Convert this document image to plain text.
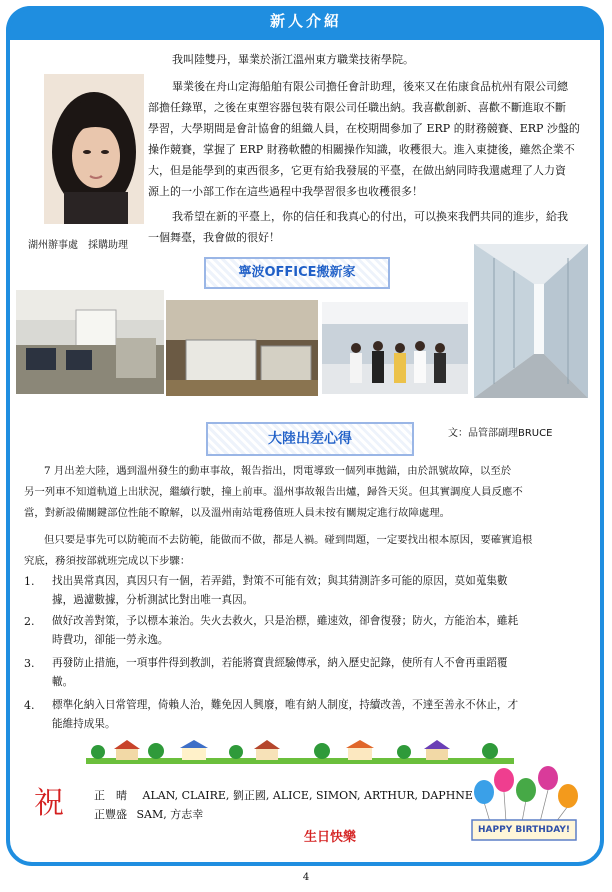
新人介紹
湖州辦事處　採購助理

我叫陸雙丹，畢業於浙江溫州東方職業技術學院。

畢業後在舟山定海船舶有限公司擔任會計助理，後來又在佑康食品杭州有限公司總

部擔任錄單，之後在東塑容器包裝有限公司任職出納。我喜歡創新、喜歡不斷進取不斷

學習，大學期間是會計協會的組織人員，在校期間參加了 ERP 的財務競賽、ERP 沙盤的

操作競賽，掌握了 ERP 財務軟體的相關操作知識，收穫很大。進入東捷後，雖然企業不

大，但是能學到的東西很多，它更有給我發展的平臺，在做出納同時我還處理了人力資

源上的一小部工作在這些過程中我學習很多也收穫很多！

我希望在新的平臺上，你的信任和我真心的付出，可以換來我們共同的進步，給我

一個舞臺，我會做的很好！

寧波OFFICE搬新家
大陸出差心得	文：品管部副理BRUCE

7 月出差大陸，遇到溫州發生的動車事故，報告指出，閃電導致一個列車拋錨，由於訊號故障，以至於

另一列車不知道軌道上出狀況，繼續行駛，撞上前車。溫州事故報告出爐，歸咎天災。但其實調度人員反應不

當，對新設備關鍵部位性能不瞭解，以及溫州南站電務值班人員未按有關規定進行故障處理。

但只要是事先可以防範而不去防範，能做而不做，都是人禍。碰到問題，一定要找出根本原因，要確實追根

究底，務須按部就班完成以下步驟：

1.	找出異常真因，真因只有一個，若弄錯，對策不可能有效；與其猜測許多可能的原因，莫如蒐集數
據，過濾數據，分析測試比對出唯一真因。
2.	做好改善對策，予以標本兼治。失火去救火，只是治標，雖速效，卻會復發；防火，方能治本，雖耗
時費功，卻能一勞永逸。
3.	再發防止措施，一項事件得到教訓，若能將寶貴經驗傳承，納入歷史記錄，使所有人不會再重蹈覆
轍。
4.	標準化納入日常管理，倚賴人治，難免因人興廢，唯有納人制度，持續改善，不達至善永不休止，才
能維持成果。
祝	正　晴 ALAN, CLAIRE, 劉正國, ALICE, SIMON, ARTHUR, DAPHNE
正豐盛 SAM, 方志幸
生日快樂	HAPPY BIRTHDAY!
4
